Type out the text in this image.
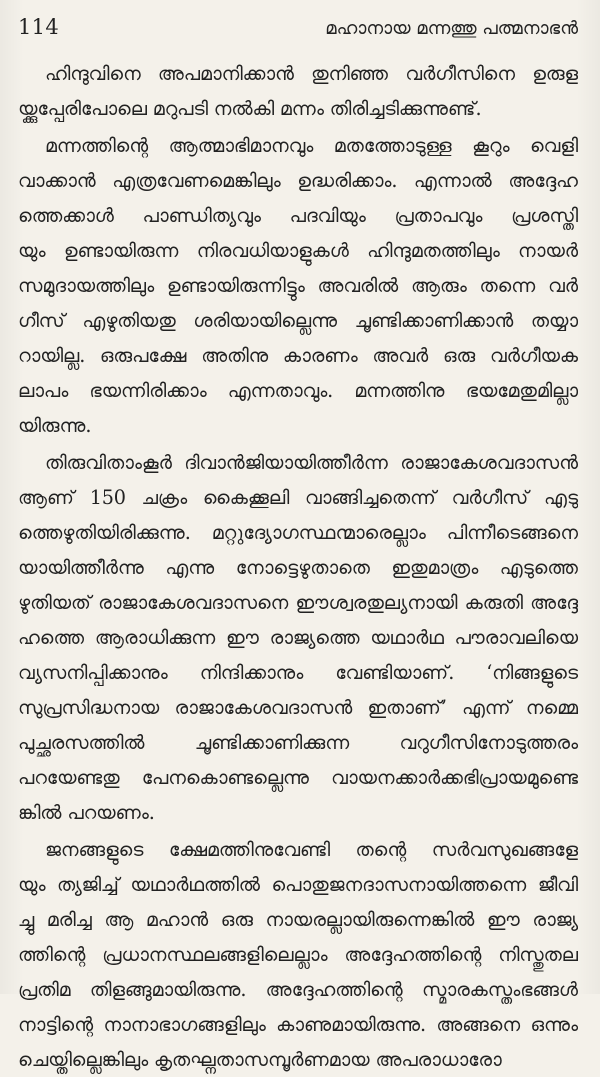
114	മഹാനായ മന്നത്തു പത്മനാഭൻ

ഹിന്ദുവിനെ അപമാനിക്കാൻ തുനിഞ്ഞ വർഗീസിനെ ഉരുള
യ്ക്കുപ്പേരിപോലെ മറുപടി നൽകി മന്നം തിരിച്ചടിക്കുന്നുണ്ട്.

മന്നത്തിന്റെ ആത്മാഭിമാനവും മതത്തോടുള്ള കൂറും വെളി
വാക്കാൻ എത്രവേണമെങ്കിലും ഉദ്ധരിക്കാം. എന്നാൽ അദ്ദേഹ
ത്തെക്കാൾ പാണ്ഡിത്യവും പദവിയും പ്രതാപവും പ്രശസ്തി
യും ഉണ്ടായിരുന്ന നിരവധിയാളുകൾ ഹിന്ദുമതത്തിലും നായർ
സമുദായത്തിലും ഉണ്ടായിരുന്നിട്ടും അവരിൽ ആരും തന്നെ വർ
ഗീസ് എഴുതിയതു ശരിയായില്ലെന്നു ചൂണ്ടിക്കാണിക്കാൻ തയ്യാ
റായില്ല. ഒരുപക്ഷേ അതിനു കാരണം അവർ ഒരു വർഗീയക
ലാപം ഭയന്നിരിക്കാം എന്നതാവും. മന്നത്തിനു ഭയമേതുമില്ലാ
യിരുന്നു.

തിരുവിതാംകൂർ ദിവാൻജിയായിത്തീർന്ന രാജാകേശവദാസൻ
ആണ് 150 ചക്രം കൈക്കൂലി വാങ്ങിച്ചതെന്ന് വർഗീസ് എടു
ത്തെഴുതിയിരിക്കുന്നു. മറ്റുദ്യോഗസ്ഥന്മാരെല്ലാം പിന്നീടെങ്ങനെ
യായിത്തീർന്നു എന്നു നോട്ടെഴുതാതെ ഇതുമാത്രം എടുത്തെ
ഴുതിയത് രാജാകേശവദാസനെ ഈശ്വരതുല്യനായി കരുതി അദ്ദേ
ഹത്തെ ആരാധിക്കുന്ന ഈ രാജ്യത്തെ യഥാർഥ പൗരാവലിയെ
വ്യസനിപ്പിക്കാനും നിന്ദിക്കാനും വേണ്ടിയാണ്. ‘നിങ്ങളുടെ
സുപ്രസിദ്ധനായ രാജാകേശവദാസൻ ഇതാണ്’ എന്ന് നമ്മെ
പുച്ഛരസത്തിൽ ചൂണ്ടിക്കാണിക്കുന്ന വറുഗീസിനോടുത്തരം
പറയേണ്ടതു പേനകൊണ്ടല്ലെന്നു വായനക്കാർക്കഭിപ്രായമുണ്ടെ
ങ്കിൽ പറയണം.

ജനങ്ങളുടെ ക്ഷേമത്തിനുവേണ്ടി തന്റെ സർവസുഖങ്ങളേ
യും ത്യജിച്ച് യഥാർഥത്തിൽ പൊതുജനദാസനായിത്തന്നെ ജീവി
ച്ചു മരിച്ച ആ മഹാൻ ഒരു നായരല്ലായിരുന്നെങ്കിൽ ഈ രാജ്യ
ത്തിന്റെ പ്രധാനസ്ഥലങ്ങളിലെല്ലാം അദ്ദേഹത്തിന്റെ നിസ്തുതല
പ്രതിമ തിളങ്ങുമായിരുന്നു. അദ്ദേഹത്തിന്റെ സ്മാരകസ്തംഭങ്ങൾ
നാട്ടിന്റെ നാനാഭാഗങ്ങളിലും കാണുമായിരുന്നു. അങ്ങനെ ഒന്നും
ചെയ്തില്ലെങ്കിലും കൃതഘ്നതാസമ്പൂർണമായ അപരാധാരോ
